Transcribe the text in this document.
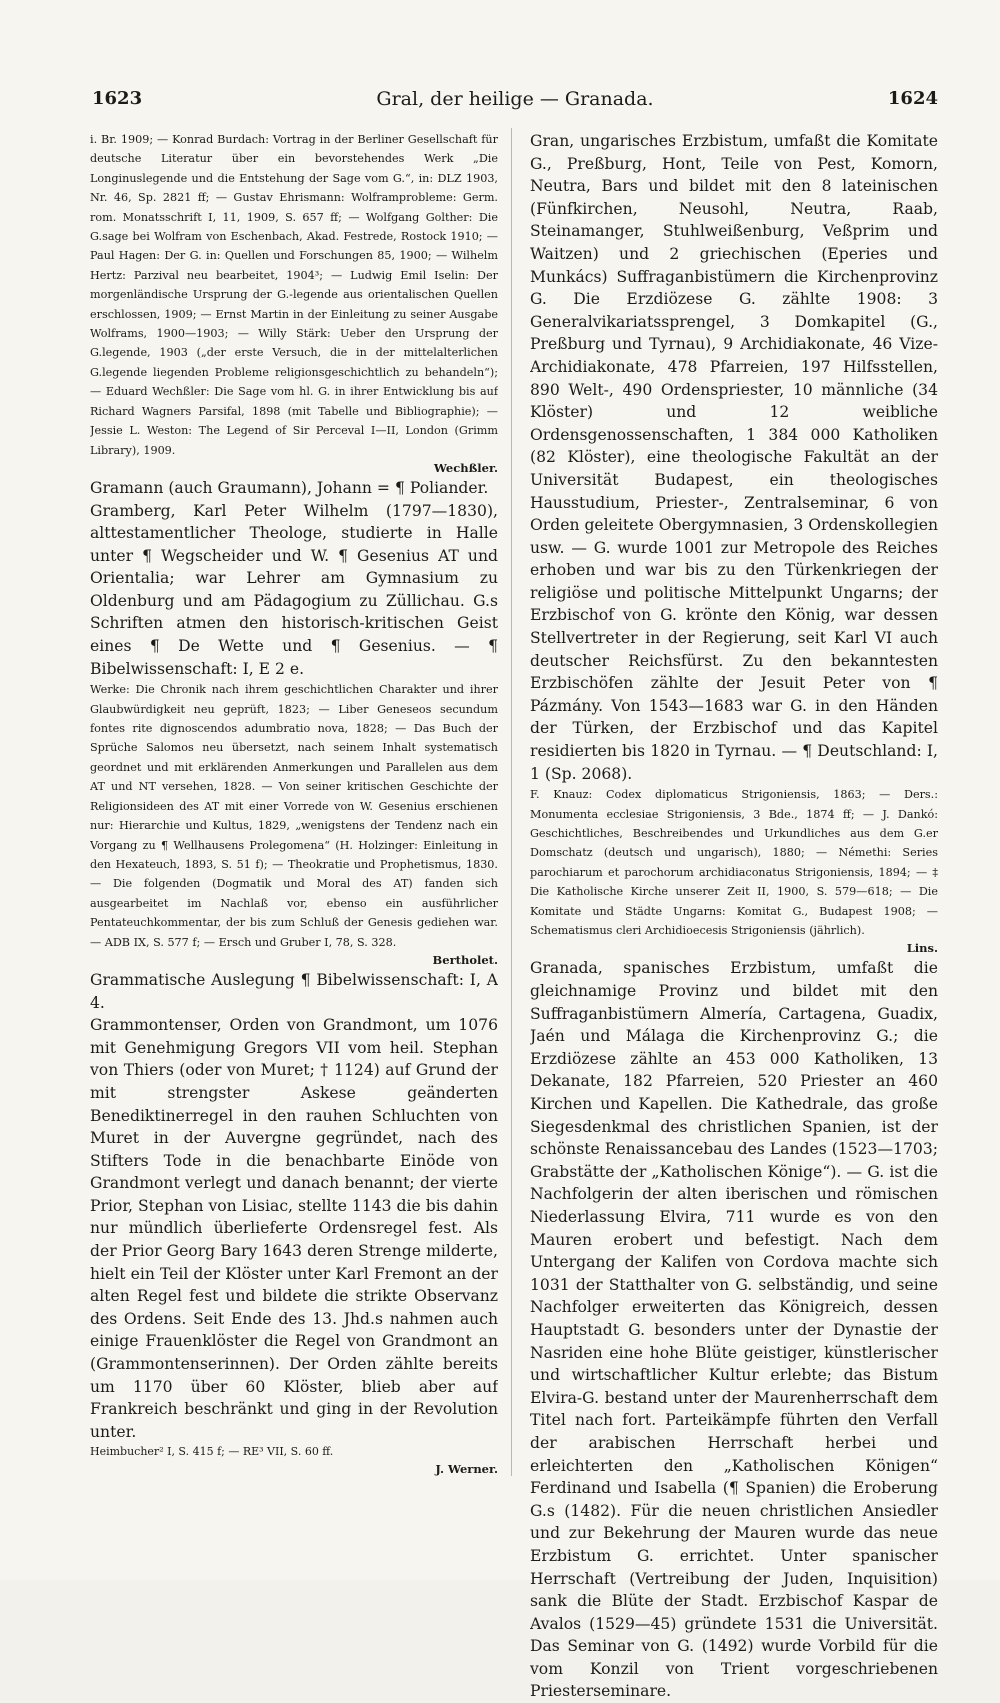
1623	Gral, der heilige — Granada.	1624

i. Br. 1909; — Konrad Burdach: Vortrag in der Berliner Gesellschaft für deutsche Literatur über ein bevorstehendes Werk „Die Longinuslegende und die Entstehung der Sage vom G.“, in: DLZ 1903, Nr. 46, Sp. 2821 ff; — Gustav Ehrismann: Wolframprobleme: Germ. rom. Monatsschrift I, 11, 1909, S. 657 ff; — Wolfgang Golther: Die G.sage bei Wolfram von Eschenbach, Akad. Festrede, Rostock 1910; — Paul Hagen: Der G. in: Quellen und Forschungen 85, 1900; — Wilhelm Hertz: Parzival neu bearbeitet, 1904³; — Ludwig Emil Iselin: Der morgenländische Ursprung der G.-legende aus orientalischen Quellen erschlossen, 1909; — Ernst Martin in der Einleitung zu seiner Ausgabe Wolframs, 1900—1903; — Willy Stärk: Ueber den Ursprung der G.legende, 1903 („der erste Versuch, die in der mittelalterlichen G.legende liegenden Probleme religionsgeschichtlich zu behandeln“); — Eduard Wechßler: Die Sage vom hl. G. in ihrer Entwicklung bis auf Richard Wagners Parsifal, 1898 (mit Tabelle und Bibliographie); — Jessie L. Weston: The Legend of Sir Perceval I—II, London (Grimm Library), 1909.

Wechßler.

Gramann (auch Graumann), Johann = ¶ Poliander.

Gramberg, Karl Peter Wilhelm (1797—1830), alttestamentlicher Theologe, studierte in Halle unter ¶ Wegscheider und W. ¶ Gesenius AT und Orientalia; war Lehrer am Gymnasium zu Oldenburg und am Pädagogium zu Züllichau. G.s Schriften atmen den historisch-kritischen Geist eines ¶ De Wette und ¶ Gesenius. — ¶ Bibelwissenschaft: I, E 2 e.

Werke: Die Chronik nach ihrem geschichtlichen Charakter und ihrer Glaubwürdigkeit neu geprüft, 1823; — Liber Geneseos secundum fontes rite dignoscendos adumbratio nova, 1828; — Das Buch der Sprüche Salomos neu übersetzt, nach seinem Inhalt systematisch geordnet und mit erklärenden Anmerkungen und Parallelen aus dem AT und NT versehen, 1828. — Von seiner kritischen Geschichte der Religionsideen des AT mit einer Vorrede von W. Gesenius erschienen nur: Hierarchie und Kultus, 1829, „wenigstens der Tendenz nach ein Vorgang zu ¶ Wellhausens Prolegomena“ (H. Holzinger: Einleitung in den Hexateuch, 1893, S. 51 f); — Theokratie und Prophetismus, 1830. — Die folgenden (Dogmatik und Moral des AT) fanden sich ausgearbeitet im Nachlaß vor, ebenso ein ausführlicher Pentateuchkommentar, der bis zum Schluß der Genesis gediehen war. — ADB IX, S. 577 f; — Ersch und Gruber I, 78, S. 328.

Bertholet.

Grammatische Auslegung ¶ Bibelwissenschaft: I, A 4.

Grammontenser, Orden von Grandmont, um 1076 mit Genehmigung Gregors VII vom heil. Stephan von Thiers (oder von Muret; † 1124) auf Grund der mit strengster Askese geänderten Benediktinerregel in den rauhen Schluchten von Muret in der Auvergne gegründet, nach des Stifters Tode in die benachbarte Einöde von Grandmont verlegt und danach benannt; der vierte Prior, Stephan von Lisiac, stellte 1143 die bis dahin nur mündlich überlieferte Ordensregel fest. Als der Prior Georg Bary 1643 deren Strenge milderte, hielt ein Teil der Klöster unter Karl Fremont an der alten Regel fest und bildete die strikte Observanz des Ordens. Seit Ende des 13. Jhd.s nahmen auch einige Frauenklöster die Regel von Grandmont an (Grammontenserinnen). Der Orden zählte bereits um 1170 über 60 Klöster, blieb aber auf Frankreich beschränkt und ging in der Revolution unter.

Heimbucher² I, S. 415 f; — RE³ VII, S. 60 ff.

J. Werner.

Gran, ungarisches Erzbistum, umfaßt die Komitate G., Preßburg, Hont, Teile von Pest, Komorn, Neutra, Bars und bildet mit den 8 lateinischen (Fünfkirchen, Neusohl, Neutra, Raab, Steinamanger, Stuhlweißenburg, Veßprim und Waitzen) und 2 griechischen (Eperies und Munkács) Suffraganbistümern die Kirchenprovinz G. Die Erzdiözese G. zählte 1908: 3 Generalvikariatssprengel, 3 Domkapitel (G., Preßburg und Tyrnau), 9 Archidiakonate, 46 Vize-Archidiakonate, 478 Pfarreien, 197 Hilfsstellen, 890 Welt-, 490 Ordenspriester, 10 männliche (34 Klöster) und 12 weibliche Ordensgenossenschaften, 1 384 000 Katholiken (82 Klöster), eine theologische Fakultät an der Universität Budapest, ein theologisches Hausstudium, Priester-, Zentralseminar, 6 von Orden geleitete Obergymnasien, 3 Ordenskollegien usw. — G. wurde 1001 zur Metropole des Reiches erhoben und war bis zu den Türkenkriegen der religiöse und politische Mittelpunkt Ungarns; der Erzbischof von G. krönte den König, war dessen Stellvertreter in der Regierung, seit Karl VI auch deutscher Reichsfürst. Zu den bekanntesten Erzbischöfen zählte der Jesuit Peter von ¶ Pázmány. Von 1543—1683 war G. in den Händen der Türken, der Erzbischof und das Kapitel residierten bis 1820 in Tyrnau. — ¶ Deutschland: I, 1 (Sp. 2068).

F. Knauz: Codex diplomaticus Strigoniensis, 1863; — Ders.: Monumenta ecclesiae Strigoniensis, 3 Bde., 1874 ff; — J. Dankó: Geschichtliches, Beschreibendes und Urkundliches aus dem G.er Domschatz (deutsch und ungarisch), 1880; — Némethi: Series parochiarum et parochorum archidiaconatus Strigoniensis, 1894; — ‡ Die Katholische Kirche unserer Zeit II, 1900, S. 579—618; — Die Komitate und Städte Ungarns: Komitat G., Budapest 1908; — Schematismus cleri Archidioecesis Strigoniensis (jährlich).

Lins.

Granada, spanisches Erzbistum, umfaßt die gleichnamige Provinz und bildet mit den Suffraganbistümern Almería, Cartagena, Guadix, Jaén und Málaga die Kirchenprovinz G.; die Erzdiözese zählte an 453 000 Katholiken, 13 Dekanate, 182 Pfarreien, 520 Priester an 460 Kirchen und Kapellen. Die Kathedrale, das große Siegesdenkmal des christlichen Spanien, ist der schönste Renaissancebau des Landes (1523—1703; Grabstätte der „Katholischen Könige“). — G. ist die Nachfolgerin der alten iberischen und römischen Niederlassung Elvira, 711 wurde es von den Mauren erobert und befestigt. Nach dem Untergang der Kalifen von Cordova machte sich 1031 der Statthalter von G. selbständig, und seine Nachfolger erweiterten das Königreich, dessen Hauptstadt G. besonders unter der Dynastie der Nasriden eine hohe Blüte geistiger, künstlerischer und wirtschaftlicher Kultur erlebte; das Bistum Elvira-G. bestand unter der Maurenherrschaft dem Titel nach fort. Parteikämpfe führten den Verfall der arabischen Herrschaft herbei und erleichterten den „Katholischen Königen“ Ferdinand und Isabella (¶ Spanien) die Eroberung G.s (1482). Für die neuen christlichen Ansiedler und zur Bekehrung der Mauren wurde das neue Erzbistum G. errichtet. Unter spanischer Herrschaft (Vertreibung der Juden, Inquisition) sank die Blüte der Stadt. Erzbischof Kaspar de Avalos (1529—45) gründete 1531 die Universität. Das Seminar von G. (1492) wurde Vorbild für die vom Konzil von Trient vorgeschriebenen Priesterseminare.
